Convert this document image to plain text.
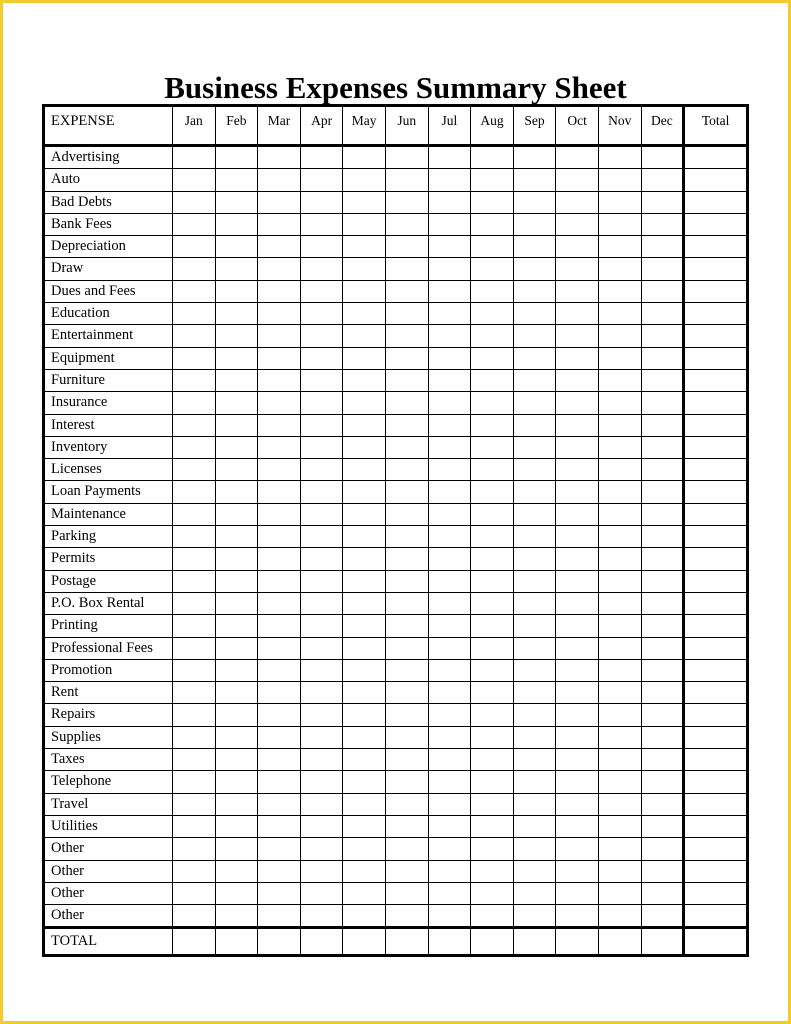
Business Expenses Summary Sheet
EXPENSE	Jan	Feb	Mar	Apr	May	Jun	Jul	Aug	Sep	Oct	Nov	Dec	Total
Advertising													
Auto													
Bad Debts													
Bank Fees													
Depreciation													
Draw													
Dues and Fees													
Education													
Entertainment													
Equipment													
Furniture													
Insurance													
Interest													
Inventory													
Licenses													
Loan Payments													
Maintenance													
Parking													
Permits													
Postage													
P.O. Box Rental													
Printing													
Professional Fees													
Promotion													
Rent													
Repairs													
Supplies													
Taxes													
Telephone													
Travel													
Utilities													
Other													
Other													
Other													
Other													
TOTAL													
